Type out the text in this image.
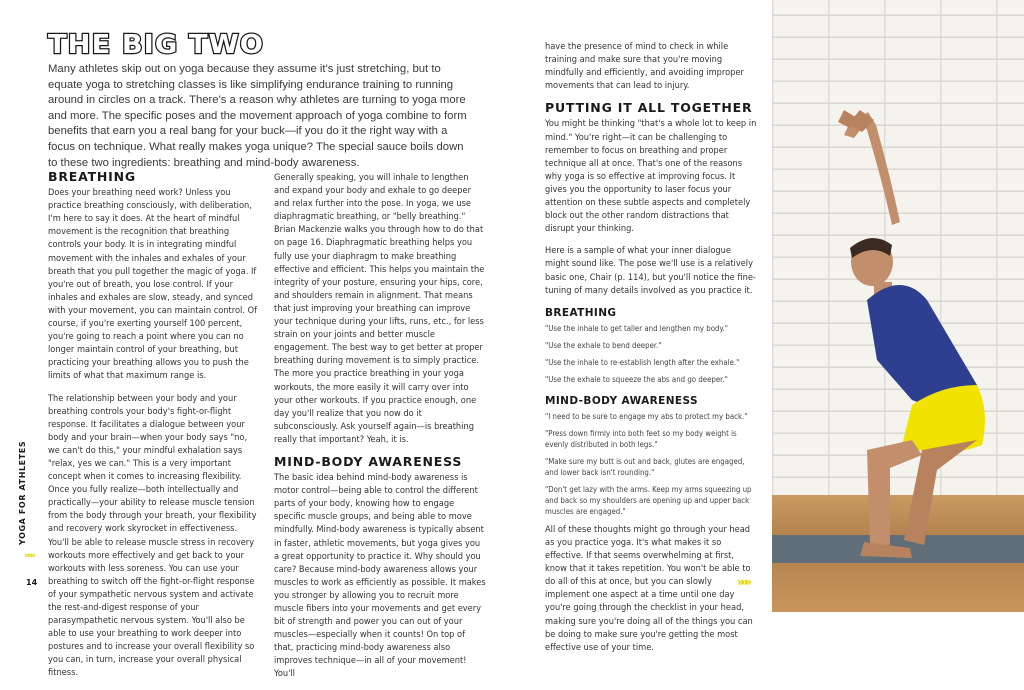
THE BIG TWO

Many athletes skip out on yoga because they assume it's just stretching, but to equate yoga to stretching classes is like simplifying endurance training to running around in circles on a track. There's a reason why athletes are turning to yoga more and more. The specific poses and the movement approach of yoga combine to form benefits that earn you a real bang for your buck—if you do it the right way with a focus on technique. What really makes yoga unique? The special sauce boils down to these two ingredients: breathing and mind-body awareness.

BREATHING

Does your breathing need work? Unless you practice breathing consciously, with deliberation, I'm here to say it does. At the heart of mindful movement is the recognition that breathing controls your body. It is in integrating mindful movement with the inhales and exhales of your breath that you pull together the magic of yoga. If you're out of breath, you lose control. If your inhales and exhales are slow, steady, and synced with your movement, you can maintain control. Of course, if you're exerting yourself 100 percent, you're going to reach a point where you can no longer maintain control of your breathing, but practicing your breathing allows you to push the limits of what that maximum range is.

The relationship between your body and your breathing controls your body's fight-or-flight response. It facilitates a dialogue between your body and your brain—when your body says "no, we can't do this," your mindful exhalation says "relax, yes we can." This is a very important concept when it comes to increasing flexibility. Once you fully realize—both intellectually and practically—your ability to release muscle tension from the body through your breath, your flexibility and recovery work skyrocket in effectiveness. You'll be able to release muscle stress in recovery workouts more effectively and get back to your workouts with less soreness. You can use your breathing to switch off the fight-or-flight response of your sympathetic nervous system and activate the rest-and-digest response of your parasympathetic nervous system. You'll also be able to use your breathing to work deeper into postures and to increase your overall flexibility so you can, in turn, increase your overall physical fitness.

Generally speaking, you will inhale to lengthen and expand your body and exhale to go deeper and relax further into the pose. In yoga, we use diaphragmatic breathing, or "belly breathing." Brian Mackenzie walks you through how to do that on page 16. Diaphragmatic breathing helps you fully use your diaphragm to make breathing effective and efficient. This helps you maintain the integrity of your posture, ensuring your hips, core, and shoulders remain in alignment. That means that just improving your breathing can improve your technique during your lifts, runs, etc., for less strain on your joints and better muscle engagement. The best way to get better at proper breathing during movement is to simply practice. The more you practice breathing in your yoga workouts, the more easily it will carry over into your other workouts. If you practice enough, one day you'll realize that you now do it subconsciously. Ask yourself again—is breathing really that important? Yeah, it is.

MIND-BODY AWARENESS

The basic idea behind mind-body awareness is motor control—being able to control the different parts of your body, knowing how to engage specific muscle groups, and being able to move mindfully. Mind-body awareness is typically absent in faster, athletic movements, but yoga gives you a great opportunity to practice it. Why should you care? Because mind-body awareness allows your muscles to work as efficiently as possible. It makes you stronger by allowing you to recruit more muscle fibers into your movements and get every bit of strength and power you can out of your muscles—especially when it counts! On top of that, practicing mind-body awareness also improves technique—in all of your movement! You'll

have the presence of mind to check in while training and make sure that you're moving mindfully and efficiently, and avoiding improper movements that can lead to injury.

PUTTING IT ALL TOGETHER

You might be thinking "that's a whole lot to keep in mind." You're right—it can be challenging to remember to focus on breathing and proper technique all at once. That's one of the reasons why yoga is so effective at improving focus. It gives you the opportunity to laser focus your attention on these subtle aspects and completely block out the other random distractions that disrupt your thinking.

Here is a sample of what your inner dialogue might sound like. The pose we'll use is a relatively basic one, Chair (p. 114), but you'll notice the fine-tuning of many details involved as you practice it.

BREATHING

"Use the inhale to get taller and lengthen my body."

"Use the exhale to bend deeper."

"Use the inhale to re-establish length after the exhale."

"Use the exhale to squeeze the abs and go deeper."

MIND-BODY AWARENESS

"I need to be sure to engage my abs to protect my back."

"Press down firmly into both feet so my body weight is evenly distributed in both legs."

"Make sure my butt is out and back, glutes are engaged, and lower back isn't rounding."

"Don't get lazy with the arms. Keep my arms squeezing up and back so my shoulders are opening up and upper back muscles are engaged."

All of these thoughts might go through your head as you practice yoga. It's what makes it so effective. If that seems overwhelming at first, know that it takes repetition. You won't be able to do all of this at once, but you can slowly implement one aspect at a time until one day you're going through the checklist in your head, making sure you're doing all of the things you can be doing to make sure you're getting the most effective use of your time.

YOGA FOR ATHLETES
»»»
14	»»»
